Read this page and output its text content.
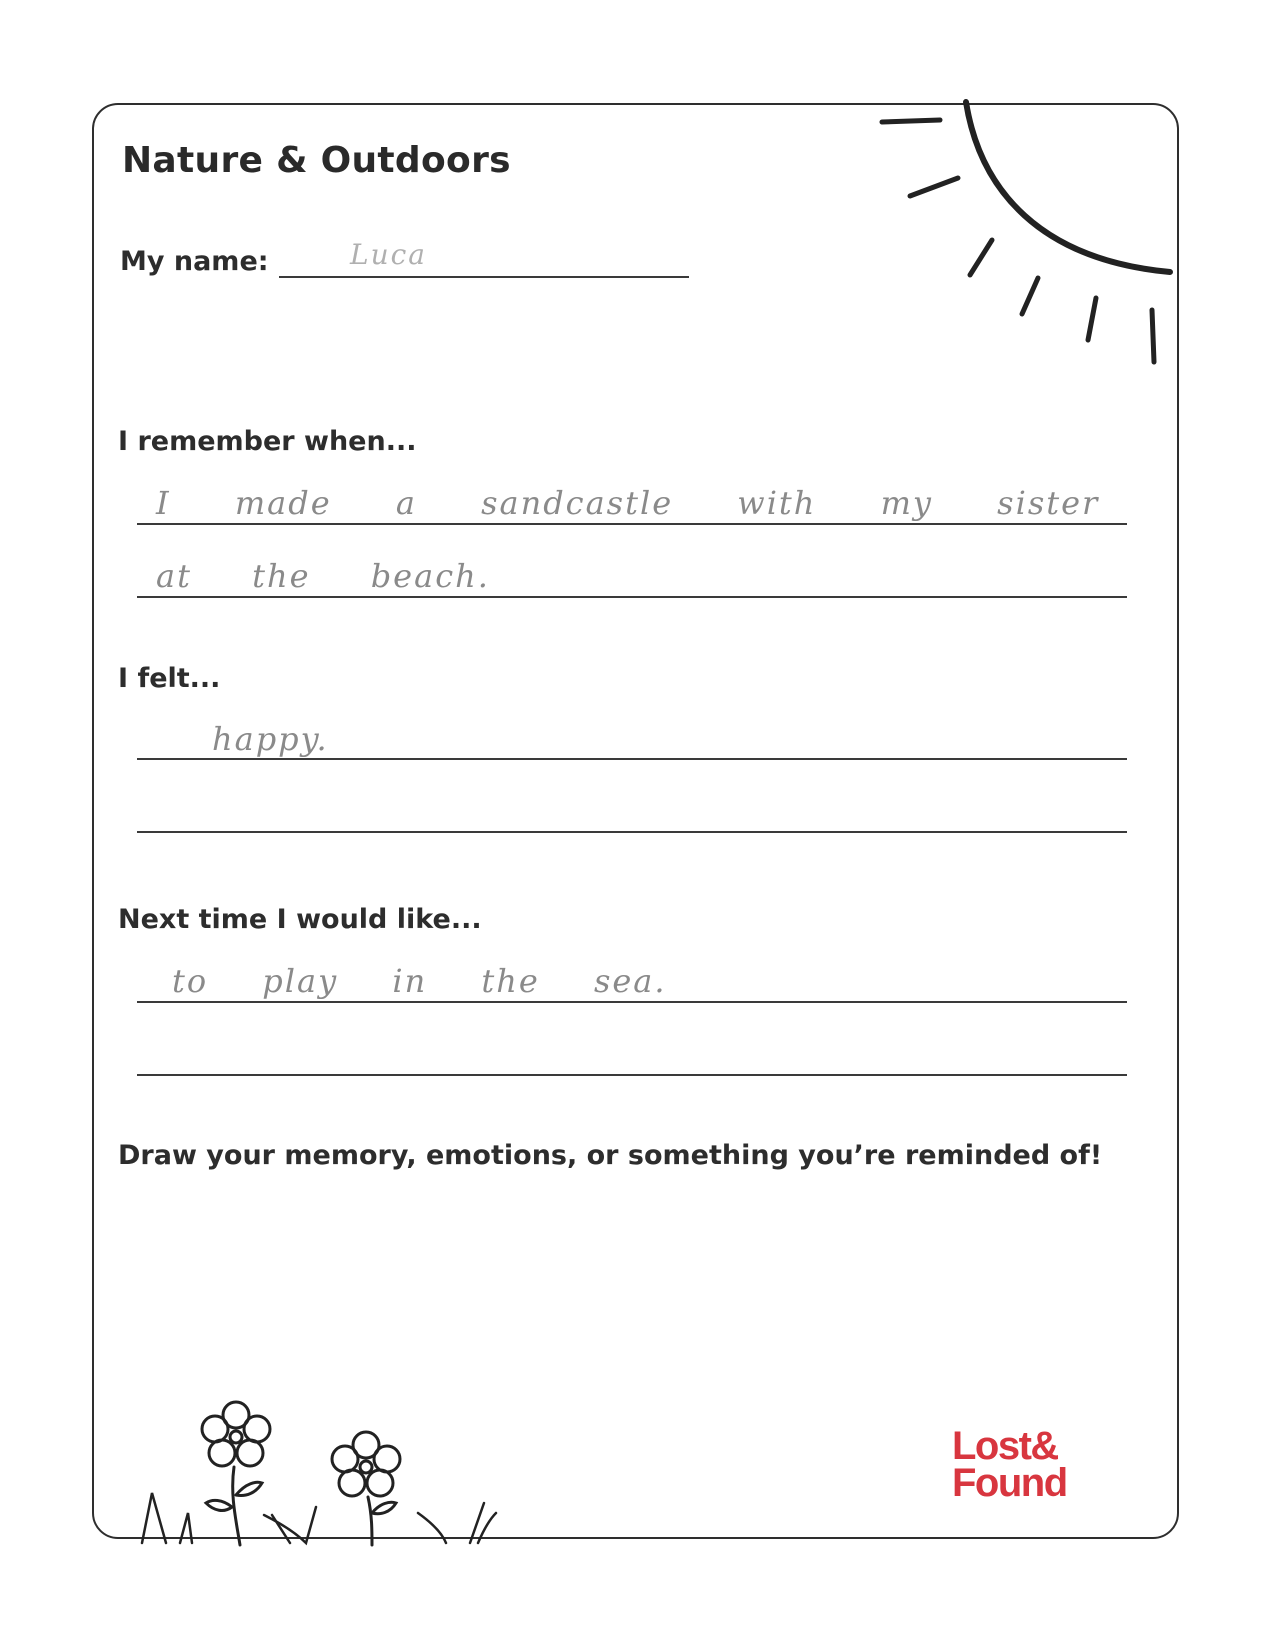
Nature & Outdoors
My name:	Luca
I remember when...
I made a sandcastle with my sister
at the beach.
I felt...
happy.
Next time I would like...
to play in the sea.
Draw your memory, emotions, or something you’re reminded of!
Lost&
Found
